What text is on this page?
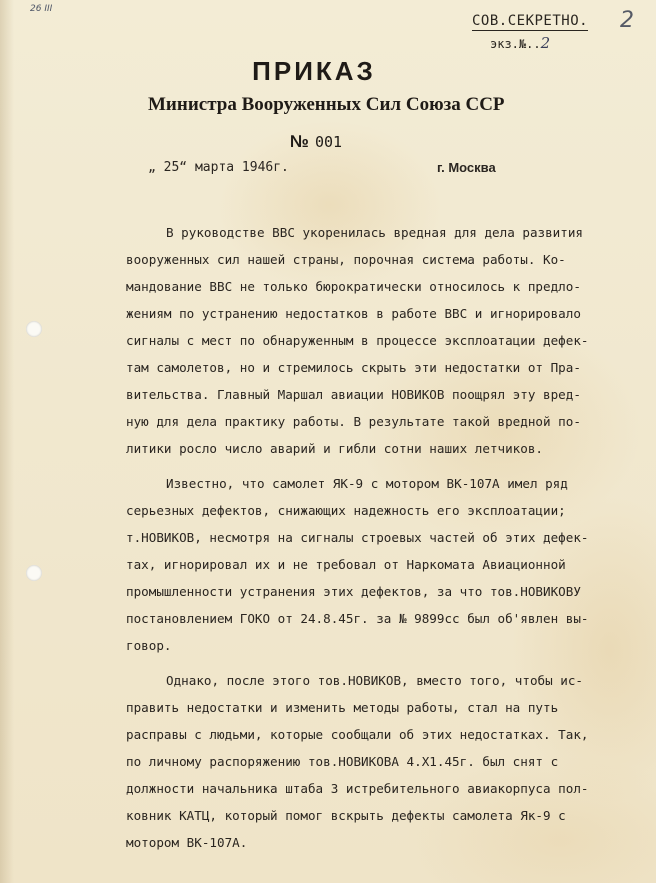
26 III	2
СОВ.СЕКРЕТНО.
экз.№..2
ПРИКАЗ
Министра Вооруженных Сил Союза ССР
№ 001
„ 25“ марта 1946г.	г. Москва
В руководстве ВВС укоренилась вредная для дела развития
вооруженных сил нашей страны, порочная система работы. Ко-
мандование ВВС не только бюрократически относилось к предло-
жениям по устранению недостатков в работе ВВС и игнорировало
сигналы с мест по обнаруженным в процессе эксплоатации дефек-
там самолетов, но и стремилось скрыть эти недостатки от Пра-
вительства. Главный Маршал авиации НОВИКОВ поощрял эту вред-
ную для дела практику работы. В результате такой вредной по-
литики росло число аварий и гибли сотни наших летчиков.
Известно, что самолет ЯК-9 с мотором ВК-107А имел ряд
серьезных дефектов, снижающих надежность его эксплоатации;
т.НОВИКОВ, несмотря на сигналы строевых частей об этих дефек-
тах, игнорировал их и не требовал от Наркомата Авиационной
промышленности устранения этих дефектов, за что тов.НОВИКОВУ
постановлением ГОКО от 24.8.45г. за № 9899сс был об'явлен вы-
говор.
Однако, после этого тов.НОВИКОВ, вместо того, чтобы ис-
править недостатки и изменить методы работы, стал на путь
расправы с людьми, которые сообщали об этих недостатках. Так,
по личному распоряжению тов.НОВИКОВА 4.Х1.45г. был снят с
должности начальника штаба 3 истребительного авиакорпуса пол-
ковник КАТЦ, который помог вскрыть дефекты самолета Як-9 с
мотором ВК-107А.
